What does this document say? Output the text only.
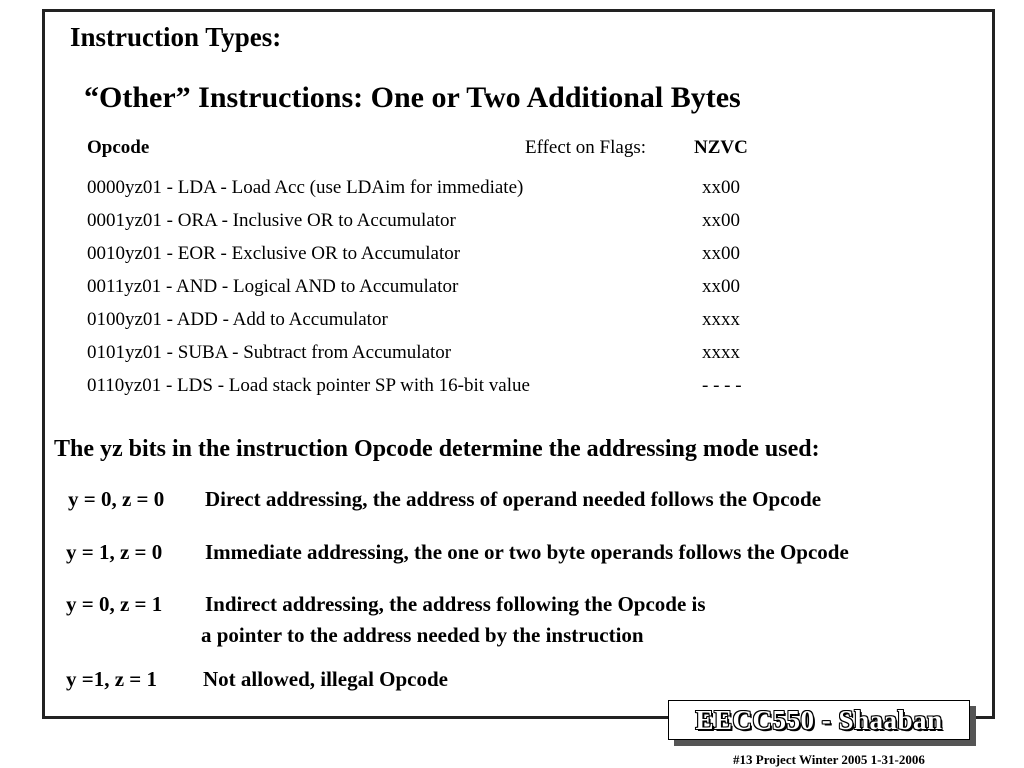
Instruction Types:
“Other” Instructions: One or Two Additional Bytes
Opcode	Effect on Flags:	NZVC
0000yz01 - LDA - Load Acc (use LDAim for immediate)	xx00
0001yz01 - ORA - Inclusive OR to Accumulator	xx00
0010yz01 - EOR - Exclusive OR to Accumulator	xx00
0011yz01 - AND - Logical AND to Accumulator	xx00
0100yz01 - ADD - Add to Accumulator	xxxx
0101yz01 - SUBA - Subtract from Accumulator	xxxx
0110yz01 - LDS - Load stack pointer SP with 16-bit value	- - - -
The yz bits in the instruction Opcode determine the addressing mode used:
y = 0, z = 0 Direct addressing, the address of operand needed follows the Opcode
y = 1, z = 0 Immediate addressing, the one or two byte operands follows the Opcode
y = 0, z = 1 Indirect addressing, the address following the Opcode is
a pointer to the address needed by the instruction
y =1, z = 1 Not allowed, illegal Opcode
EECC550 - Shaaban
#13 Project Winter 2005 1-31-2006
